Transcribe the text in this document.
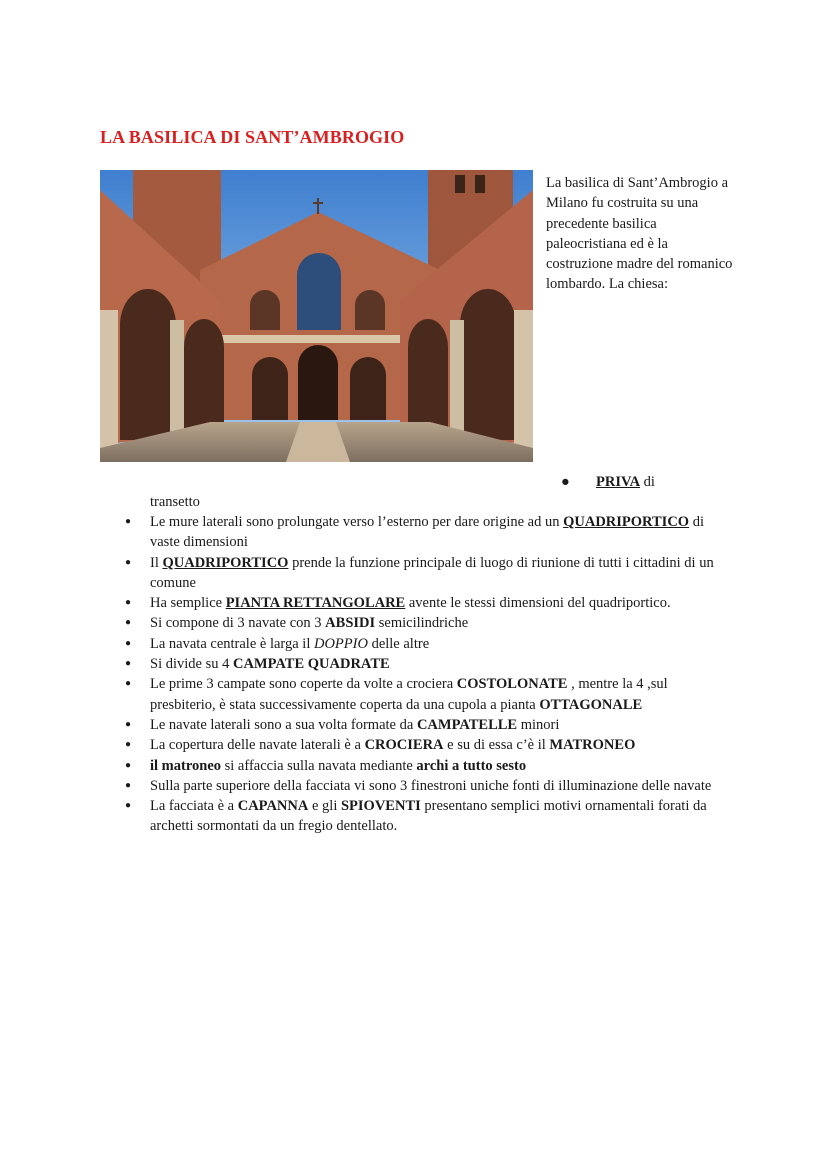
LA BASILICA DI SANT’AMBROGIO
La basilica di Sant’Ambrogio a Milano fu costruita su una precedente basilica paleocristiana ed è la costruzione madre del romanico lombardo. La chiesa:
● PRIVA di
transetto
● Le mure laterali sono prolungate verso l’esterno per dare origine ad un QUADRIPORTICO di vaste dimensioni
● Il QUADRIPORTICO prende la funzione principale di luogo di riunione di tutti i cittadini di un comune
● Ha semplice PIANTA RETTANGOLARE avente le stessi dimensioni del quadriportico.
● Si compone di 3 navate con 3 ABSIDI semicilindriche
● La navata centrale è larga il DOPPIO delle altre
● Si divide su 4 CAMPATE QUADRATE
● Le prime 3 campate sono coperte da volte a crociera COSTOLONATE , mentre la 4 ,sul presbiterio, è stata successivamente coperta da una cupola a pianta OTTAGONALE
● Le navate laterali sono a sua volta formate da CAMPATELLE minori
● La copertura delle navate laterali è a CROCIERA e su di essa c’è il MATRONEO
● il matroneo si affaccia sulla navata mediante archi a tutto sesto
● Sulla parte superiore della facciata vi sono 3 finestroni uniche fonti di illuminazione delle navate
● La facciata è a CAPANNA e gli SPIOVENTI presentano semplici motivi ornamentali forati da archetti sormontati da un fregio dentellato.
